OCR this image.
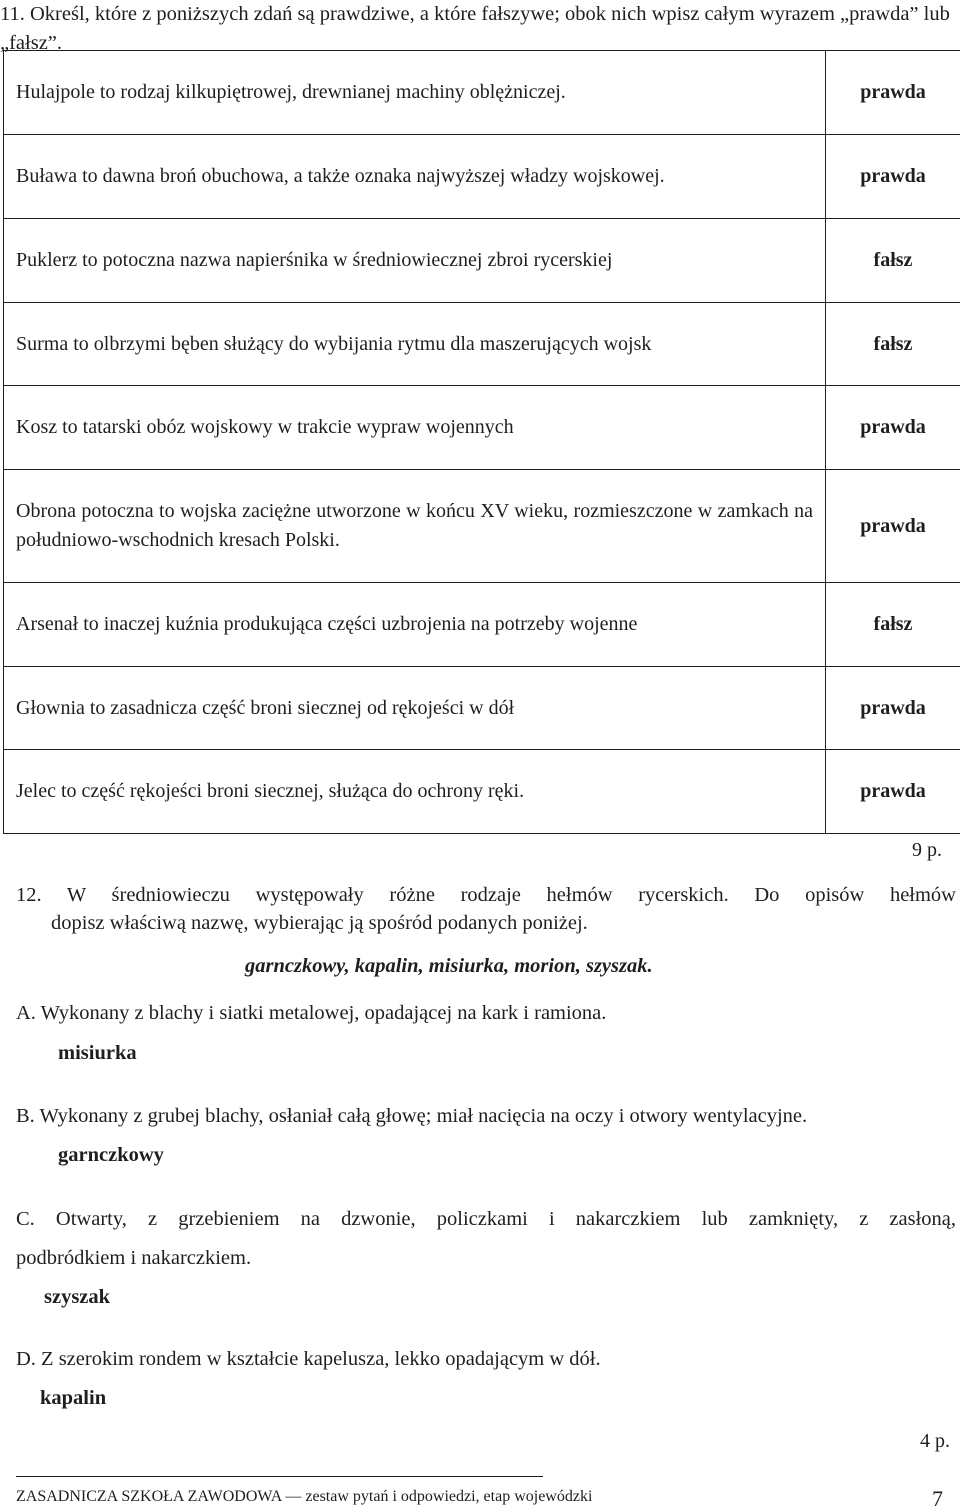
11. Określ, które z poniższych zdań są prawdziwe, a które fałszywe; obok nich wpisz całym wyrazem „prawda” lub „fałsz”.
Hulajpole to rodzaj kilkupiętrowej, drewnianej machiny oblężniczej.	prawda
Buława to dawna broń obuchowa, a także oznaka najwyższej władzy wojskowej.	prawda
Puklerz to potoczna nazwa napierśnika w średniowiecznej zbroi rycerskiej	fałsz
Surma to olbrzymi bęben służący do wybijania rytmu dla maszerujących wojsk	fałsz
Kosz to tatarski obóz wojskowy w trakcie wypraw wojennych	prawda
Obrona potoczna to wojska zaciężne utworzone w końcu XV wieku, rozmieszczone w zamkach na południowo-wschodnich kresach Polski.	prawda
Arsenał to inaczej kuźnia produkująca części uzbrojenia na potrzeby wojenne	fałsz
Głownia to zasadnicza część broni siecznej od rękojeści w dół	prawda
Jelec to część rękojeści broni siecznej, służąca do ochrony ręki.	prawda
9 p.
12. W średniowieczu występowały różne rodzaje hełmów rycerskich. Do opisów hełmów
dopisz właściwą nazwę, wybierając ją spośród podanych poniżej.
garnczkowy, kapalin, misiurka, morion, szyszak.
A. Wykonany z blachy i siatki metalowej, opadającej na kark i ramiona.
misiurka
B. Wykonany z grubej blachy, osłaniał całą głowę; miał nacięcia na oczy i otwory wentylacyjne.
garnczkowy
C. Otwarty, z grzebieniem na dzwonie, policzkami i nakarczkiem lub zamknięty, z zasłoną,
podbródkiem i nakarczkiem.
szyszak
D. Z szerokim rondem w kształcie kapelusza, lekko opadającym w dół.
kapalin
4 p.
ZASADNICZA SZKOŁA ZAWODOWA — zestaw pytań i odpowiedzi, etap wojewódzki	7
